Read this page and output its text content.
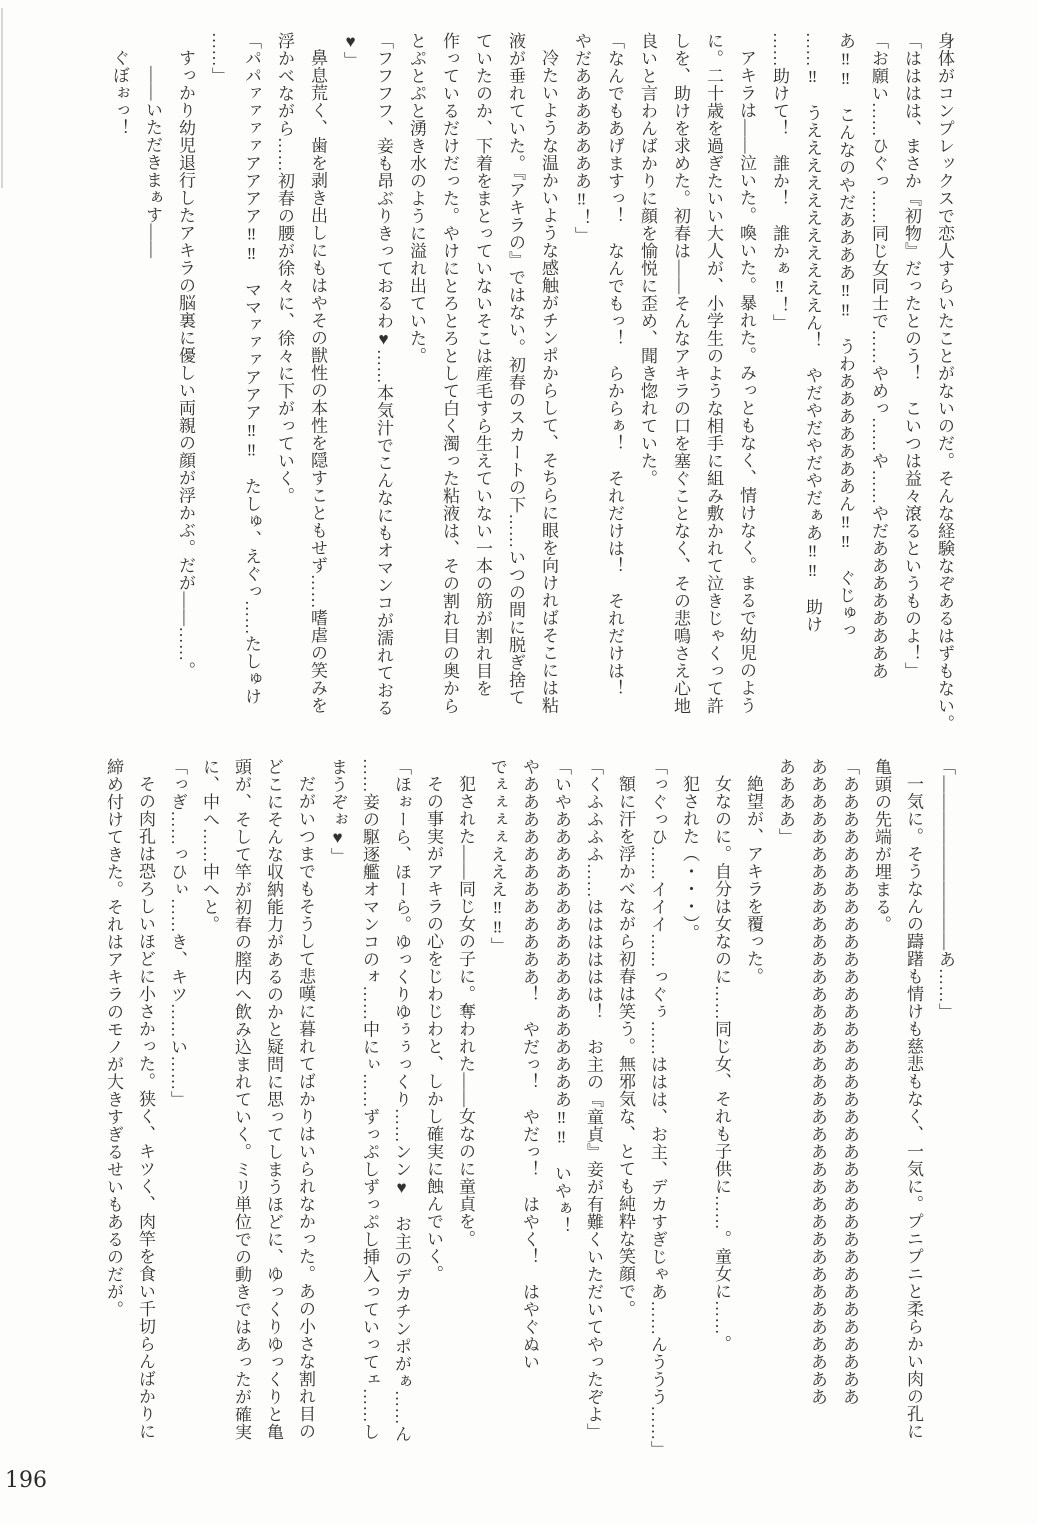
身体がコンプレックスで恋人すらいたことがないのだ。そんな経験なぞあるはずもない。
「はははは、まさか『初物』だったとのう！　こいつは益々滾るというものよ！」
「お願い……ひぐっ……同じ女同士で……やめっ……や……やだああああああああ
あ‼‼　こんなのやだああああ‼‼　うわあああああああん‼‼　ぐじゅっ
……‼　うえええええええええええん！　やだやだやだやだぁあ‼‼　助け
……助けて！　誰か！　誰かぁ‼！」
アキラは――泣いた。喚いた。暴れた。みっともなく、情けなく。まるで幼児のよう
に。二十歳を過ぎたいい大人が、小学生のような相手に組み敷かれて泣きじゃくって許
しを、助けを求めた。初春は――そんなアキラの口を塞ぐことなく、その悲鳴さえ心地
良いと言わんばかりに顔を愉悦に歪め、聞き惚れていた。
「なんでもあげますっ！　なんでもっ！　らからぁ！　それだけは！　それだけは！
やだあああああああ‼！」
冷たいような温かいような感触がチンポからして、そちらに眼を向ければそこには粘
液が垂れていた。『アキラの』ではない。初春のスカートの下……いつの間に脱ぎ捨て
ていたのか、下着をまとっていないそこは産毛すら生えていない一本の筋が割れ目を
作っているだけだった。やけにとろとろとして白く濁った粘液は、その割れ目の奥から
とぷとぷと湧き水のように溢れ出ていた。
「フフフフ、妾も昂ぶりきっておるわ♥……本気汁でこんなにもオマンコが濡れておる
♥」
鼻息荒く、歯を剥き出しにもはやその獣性の本性を隠すこともせず……嗜虐の笑みを
浮かべながら……初春の腰が徐々に、徐々に下がっていく。
「パパァァァァアアアア‼‼　ママァァァアアア‼‼　たしゅ、えぐっ……たしゅけ
……」
すっかり幼児退行したアキラの脳裏に優しい両親の顔が浮かぶ。だが――……。
――いただきまぁす――
ぐぼぉっ！
「――――――――――あ……」
一気に。そうなんの躊躇も情けも慈悲もなく、一気に。プニプニと柔らかい肉の孔に
亀頭の先端が埋まる。
「ああああああああああああああああああああああああああああああああああああ
あああああああああああああああああああああああああああああああああああああ
ああああ」
絶望が、アキラを覆った。
女なのに。自分は女なのに……同じ女、それも子供に……。童女に……。
犯された（・・・）。
「っぐっひ……イイイ……っぐぅ……ははは、お主、デカすぎじゃあ……んううう……」
額に汗を浮かべながら初春は笑う。無邪気な、とても純粋な笑顔で。
「くふふふふ……はははははは！　お主の『童貞』妾が有難くいただいてやったぞよ」
「いやあああああああああああああああああ‼‼　いやぁ！
やああああああああああああ！　やだっ！　やだっ！　はやく！　はやぐぬい
でぇぇぇぇえええ‼‼」
犯された――同じ女の子に。奪われた――女なのに童貞を。
その事実がアキラの心をじわじわと、しかし確実に蝕んでいく。
「ほぉーら、ほーら。ゆっくりゆぅぅっくり……ンン♥　お主のデカチンポがぁ……ん
……妾の駆逐艦オマンコのォ……中にぃ……ずっぷしずっぷし挿入っていってェ……し
まうぞぉ♥」
だがいつまでもそうして悲嘆に暮れてばかりはいられなかった。あの小さな割れ目の
どこにそんな収納能力があるのかと疑問に思ってしまうほどに、ゆっくりゆっくりと亀
頭が、そして竿が初春の膣内へ飲み込まれていく。ミリ単位での動きではあったが確実
に、中へ……中へと。
「っぎ……っひぃ……き、キツ……い……」
その肉孔は恐ろしいほどに小さかった。狭く、キツく、肉竿を食い千切らんばかりに
締め付けてきた。それはアキラのモノが大きすぎるせいもあるのだが。
196
